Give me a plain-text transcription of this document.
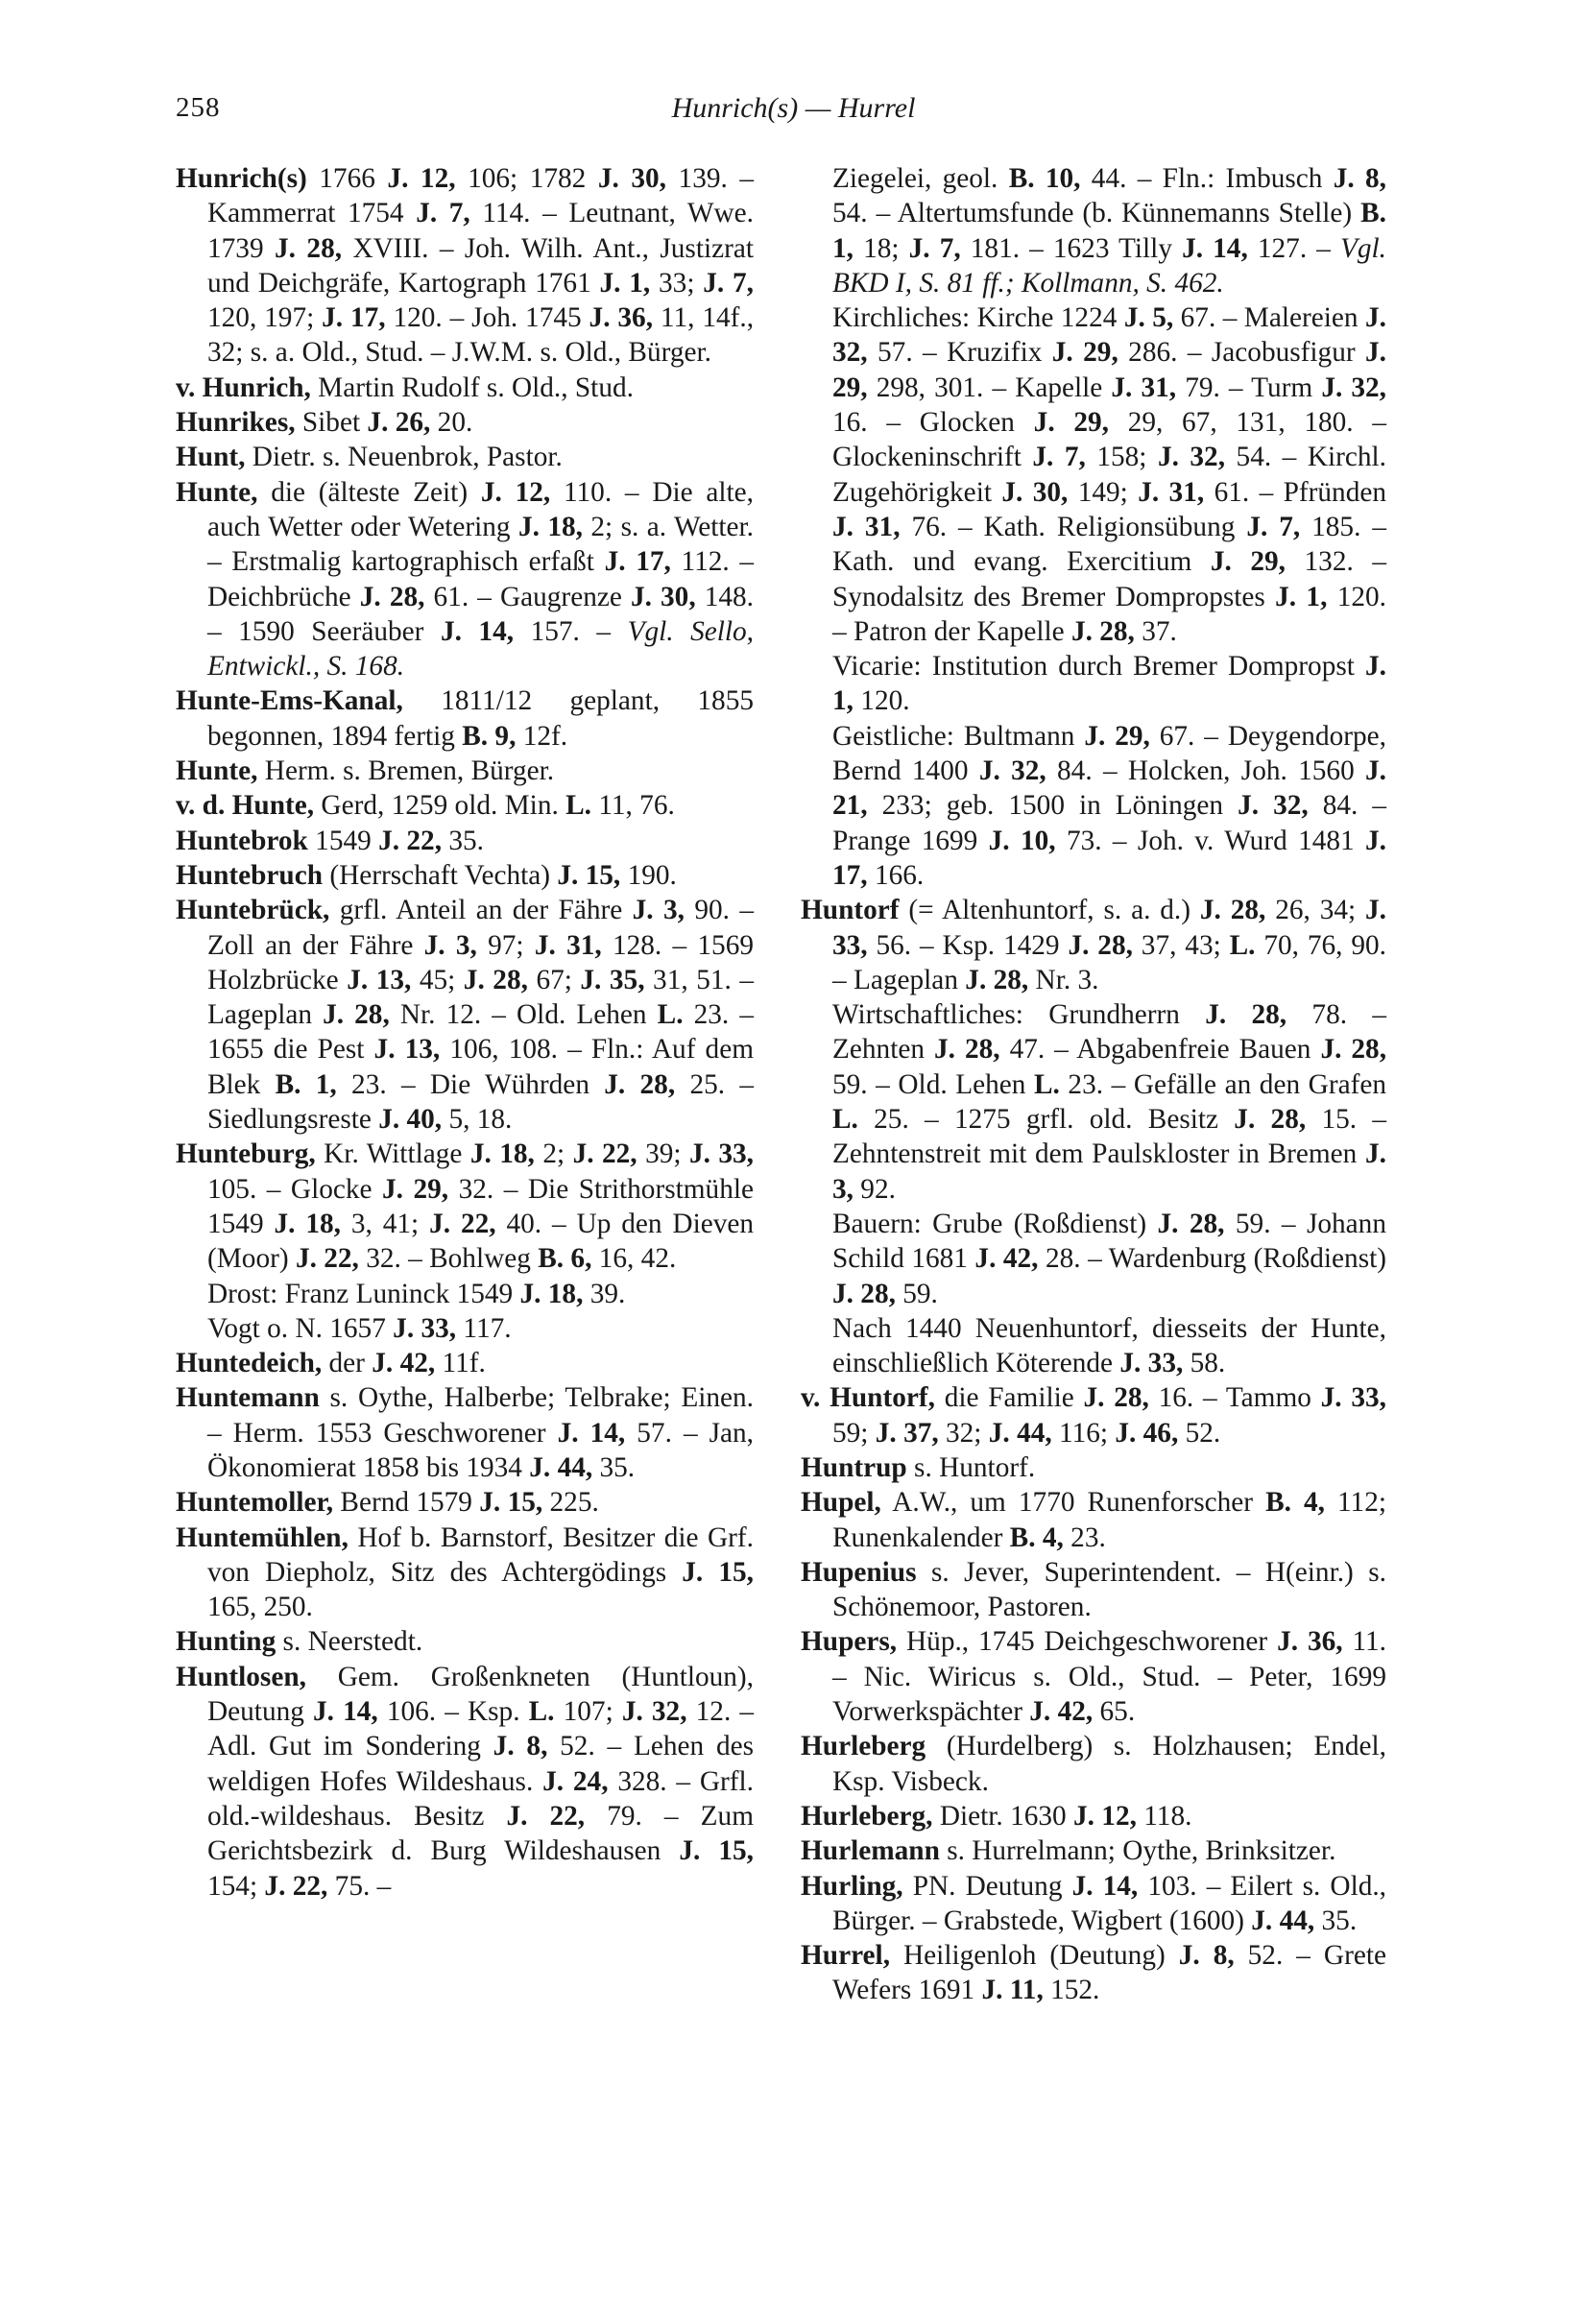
258	Hunrich(s) — Hurrel

Hunrich(s) 1766 J. 12, 106; 1782 J. 30, 139. – Kammerrat 1754 J. 7, 114. – Leutnant, Wwe. 1739 J. 28, XVIII. – Joh. Wilh. Ant., Justizrat und Deichgräfe, Kartograph 1761 J. 1, 33; J. 7, 120, 197; J. 17, 120. – Joh. 1745 J. 36, 11, 14f., 32; s. a. Old., Stud. – J.W.M. s. Old., Bürger.

v. Hunrich, Martin Rudolf s. Old., Stud.

Hunrikes, Sibet J. 26, 20.

Hunt, Dietr. s. Neuenbrok, Pastor.

Hunte, die (älteste Zeit) J. 12, 110. – Die alte, auch Wetter oder Wetering J. 18, 2; s. a. Wetter. – Erstmalig kartographisch erfaßt J. 17, 112. – Deichbrüche J. 28, 61. – Gaugrenze J. 30, 148. – 1590 Seeräuber J. 14, 157. – Vgl. Sello, Entwickl., S. 168.

Hunte-Ems-Kanal, 1811/12 geplant, 1855 begonnen, 1894 fertig B. 9, 12f.

Hunte, Herm. s. Bremen, Bürger.

v. d. Hunte, Gerd, 1259 old. Min. L. 11, 76.

Huntebrok 1549 J. 22, 35.

Huntebruch (Herrschaft Vechta) J. 15, 190.

Huntebrück, grfl. Anteil an der Fähre J. 3, 90. – Zoll an der Fähre J. 3, 97; J. 31, 128. – 1569 Holzbrücke J. 13, 45; J. 28, 67; J. 35, 31, 51. – Lageplan J. 28, Nr. 12. – Old. Lehen L. 23. – 1655 die Pest J. 13, 106, 108. – Fln.: Auf dem Blek B. 1, 23. – Die Wührden J. 28, 25. – Siedlungsreste J. 40, 5, 18.

Hunteburg, Kr. Wittlage J. 18, 2; J. 22, 39; J. 33, 105. – Glocke J. 29, 32. – Die Strithorstmühle 1549 J. 18, 3, 41; J. 22, 40. – Up den Dieven (Moor) J. 22, 32. – Bohlweg B. 6, 16, 42.

Drost: Franz Luninck 1549 J. 18, 39.

Vogt o. N. 1657 J. 33, 117.

Huntedeich, der J. 42, 11f.

Huntemann s. Oythe, Halberbe; Telbrake; Einen. – Herm. 1553 Geschworener J. 14, 57. – Jan, Ökonomierat 1858 bis 1934 J. 44, 35.

Huntemoller, Bernd 1579 J. 15, 225.

Huntemühlen, Hof b. Barnstorf, Besitzer die Grf. von Diepholz, Sitz des Achtergödings J. 15, 165, 250.

Hunting s. Neerstedt.

Huntlosen, Gem. Großenkneten (Huntloun), Deutung J. 14, 106. – Ksp. L. 107; J. 32, 12. – Adl. Gut im Sondering J. 8, 52. – Lehen des weldigen Hofes Wildeshaus. J. 24, 328. – Grfl. old.-wildeshaus. Besitz J. 22, 79. – Zum Gerichtsbezirk d. Burg Wildeshausen J. 15, 154; J. 22, 75. –

Ziegelei, geol. B. 10, 44. – Fln.: Imbusch J. 8, 54. – Altertumsfunde (b. Künnemanns Stelle) B. 1, 18; J. 7, 181. – 1623 Tilly J. 14, 127. – Vgl. BKD I, S. 81 ff.; Kollmann, S. 462.

Kirchliches: Kirche 1224 J. 5, 67. – Malereien J. 32, 57. – Kruzifix J. 29, 286. – Jacobusfigur J. 29, 298, 301. – Kapelle J. 31, 79. – Turm J. 32, 16. – Glocken J. 29, 29, 67, 131, 180. – Glockeninschrift J. 7, 158; J. 32, 54. – Kirchl. Zugehörigkeit J. 30, 149; J. 31, 61. – Pfründen J. 31, 76. – Kath. Religionsübung J. 7, 185. – Kath. und evang. Exercitium J. 29, 132. – Synodalsitz des Bremer Dompropstes J. 1, 120. – Patron der Kapelle J. 28, 37.

Vicarie: Institution durch Bremer Dompropst J. 1, 120.

Geistliche: Bultmann J. 29, 67. – Deygendorpe, Bernd 1400 J. 32, 84. – Holcken, Joh. 1560 J. 21, 233; geb. 1500 in Löningen J. 32, 84. – Prange 1699 J. 10, 73. – Joh. v. Wurd 1481 J. 17, 166.

Huntorf (= Altenhuntorf, s. a. d.) J. 28, 26, 34; J. 33, 56. – Ksp. 1429 J. 28, 37, 43; L. 70, 76, 90. – Lageplan J. 28, Nr. 3.

Wirtschaftliches: Grundherrn J. 28, 78. – Zehnten J. 28, 47. – Abgabenfreie Bauen J. 28, 59. – Old. Lehen L. 23. – Gefälle an den Grafen L. 25. – 1275 grfl. old. Besitz J. 28, 15. – Zehntenstreit mit dem Paulskloster in Bremen J. 3, 92.

Bauern: Grube (Roßdienst) J. 28, 59. – Johann Schild 1681 J. 42, 28. – Wardenburg (Roßdienst) J. 28, 59.

Nach 1440 Neuenhuntorf, diesseits der Hunte, einschließlich Köterende J. 33, 58.

v. Huntorf, die Familie J. 28, 16. – Tammo J. 33, 59; J. 37, 32; J. 44, 116; J. 46, 52.

Huntrup s. Huntorf.

Hupel, A.W., um 1770 Runenforscher B. 4, 112; Runenkalender B. 4, 23.

Hupenius s. Jever, Superintendent. – H(einr.) s. Schönemoor, Pastoren.

Hupers, Hüp., 1745 Deichgeschworener J. 36, 11. – Nic. Wiricus s. Old., Stud. – Peter, 1699 Vorwerkspächter J. 42, 65.

Hurleberg (Hurdelberg) s. Holzhausen; Endel, Ksp. Visbeck.

Hurleberg, Dietr. 1630 J. 12, 118.

Hurlemann s. Hurrelmann; Oythe, Brinksitzer.

Hurling, PN. Deutung J. 14, 103. – Eilert s. Old., Bürger. – Grabstede, Wigbert (1600) J. 44, 35.

Hurrel, Heiligenloh (Deutung) J. 8, 52. – Grete Wefers 1691 J. 11, 152.
